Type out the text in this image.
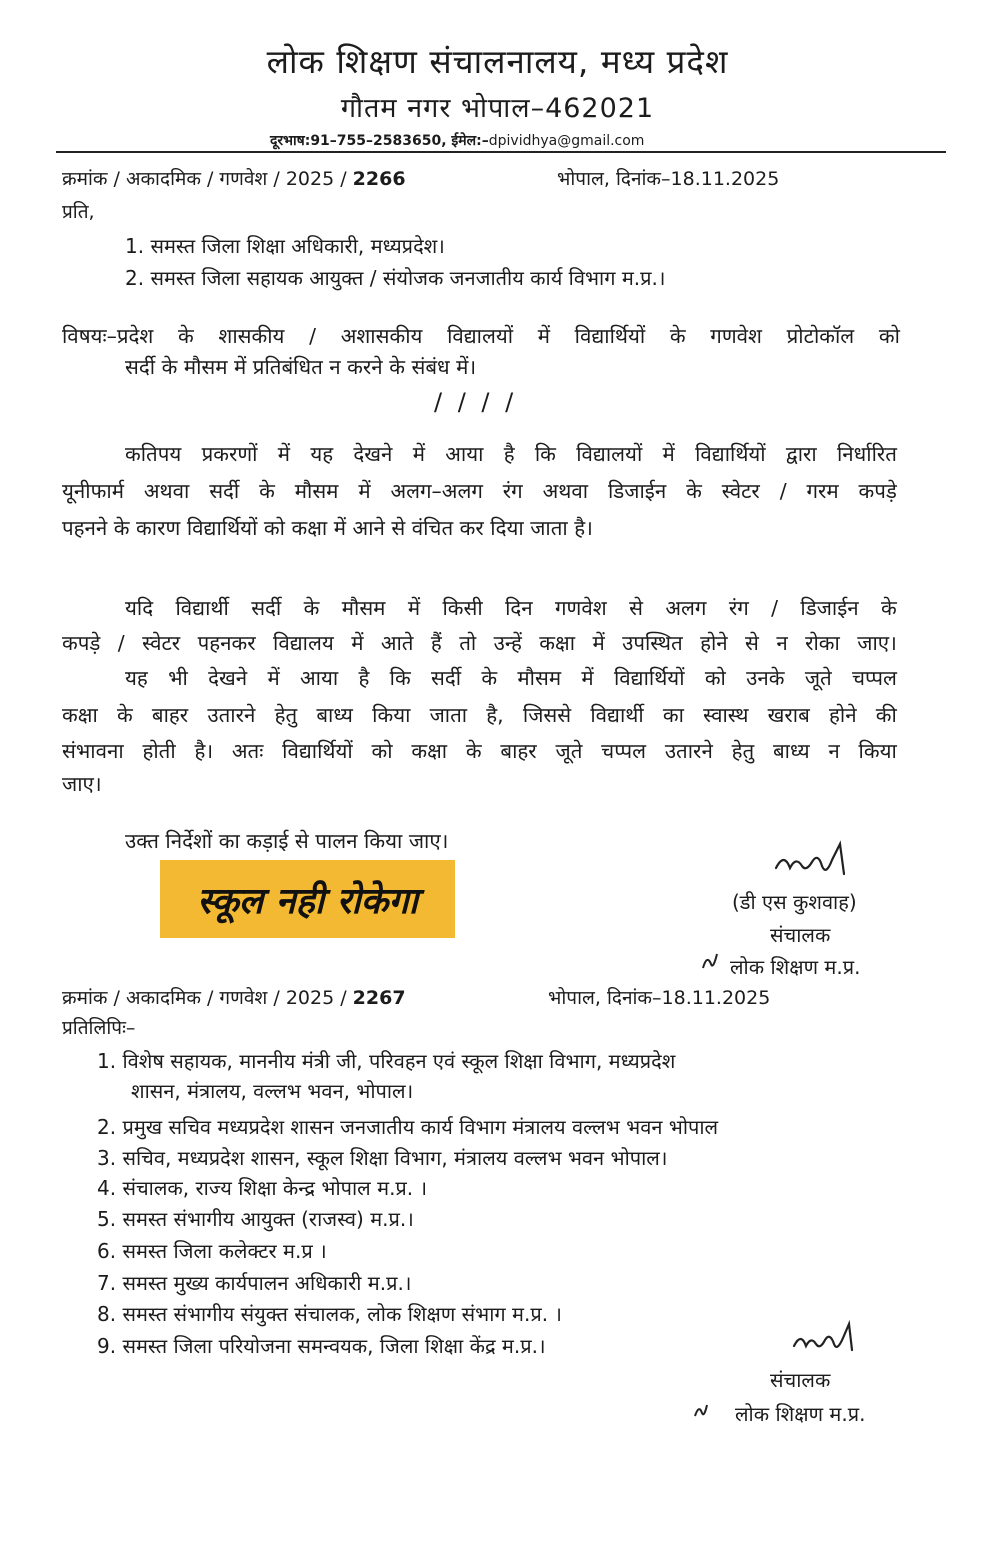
लोक शिक्षण संचालनालय, मध्य प्रदेश
गौतम नगर भोपाल–462021
दूरभाष:91–755–2583650, ईमेल:–dpividhya@gmail.com
क्रमांक / अकादमिक / गणवेश / 2025 / 2266	भोपाल, दिनांक–18.11.2025
प्रति,
1. समस्त जिला शिक्षा अधिकारी, मध्यप्रदेश।
2. समस्त जिला सहायक आयुक्त / संयोजक जनजातीय कार्य विभाग म.प्र.।
विषयः–प्रदेश के शासकीय / अशासकीय विद्यालयों में विद्यार्थियों के गणवेश प्रोटोकॉल को
सर्दी के मौसम में प्रतिबंधित न करने के संबंध में।
/ / / /
कतिपय प्रकरणों में यह देखने में आया है कि विद्यालयों में विद्यार्थियों द्वारा निर्धारित
यूनीफार्म अथवा सर्दी के मौसम में अलग–अलग रंग अथवा डिजाईन के स्वेटर / गरम कपड़े
पहनने के कारण विद्यार्थियों को कक्षा में आने से वंचित कर दिया जाता है।
यदि विद्यार्थी सर्दी के मौसम में किसी दिन गणवेश से अलग रंग / डिजाईन के
कपड़े / स्वेटर पहनकर विद्यालय में आते हैं तो उन्हें कक्षा में उपस्थित होने से न रोका जाए।
यह भी देखने में आया है कि सर्दी के मौसम में विद्यार्थियों को उनके जूते चप्पल
कक्षा के बाहर उतारने हेतु बाध्य किया जाता है, जिससे विद्यार्थी का स्वास्थ खराब होने की
संभावना होती है। अतः विद्यार्थियों को कक्षा के बाहर जूते चप्पल उतारने हेतु बाध्य न किया
जाए।
उक्त निर्देशों का कड़ाई से पालन किया जाए।
(डी एस कुशवाह)
संचालक
लोक शिक्षण म.प्र.
स्कूल नही रोकेगा
क्रमांक / अकादमिक / गणवेश / 2025 / 2267	भोपाल, दिनांक–18.11.2025
प्रतिलिपिः–
1. विशेष सहायक, माननीय मंत्री जी, परिवहन एवं स्कूल शिक्षा विभाग, मध्यप्रदेश
शासन, मंत्रालय, वल्लभ भवन, भोपाल।
2. प्रमुख सचिव मध्यप्रदेश शासन जनजातीय कार्य विभाग मंत्रालय वल्लभ भवन भोपाल
3. सचिव, मध्यप्रदेश शासन, स्कूल शिक्षा विभाग, मंत्रालय वल्लभ भवन भोपाल।
4. संचालक, राज्य शिक्षा केन्द्र भोपाल म.प्र. ।
5. समस्त संभागीय आयुक्त (राजस्व) म.प्र.।
6. समस्त जिला कलेक्टर म.प्र ।
7. समस्त मुख्य कार्यपालन अधिकारी म.प्र.।
8. समस्त संभागीय संयुक्त संचालक, लोक शिक्षण संभाग म.प्र. ।
9. समस्त जिला परियोजना समन्वयक, जिला शिक्षा केंद्र म.प्र.।
संचालक
लोक शिक्षण म.प्र.
